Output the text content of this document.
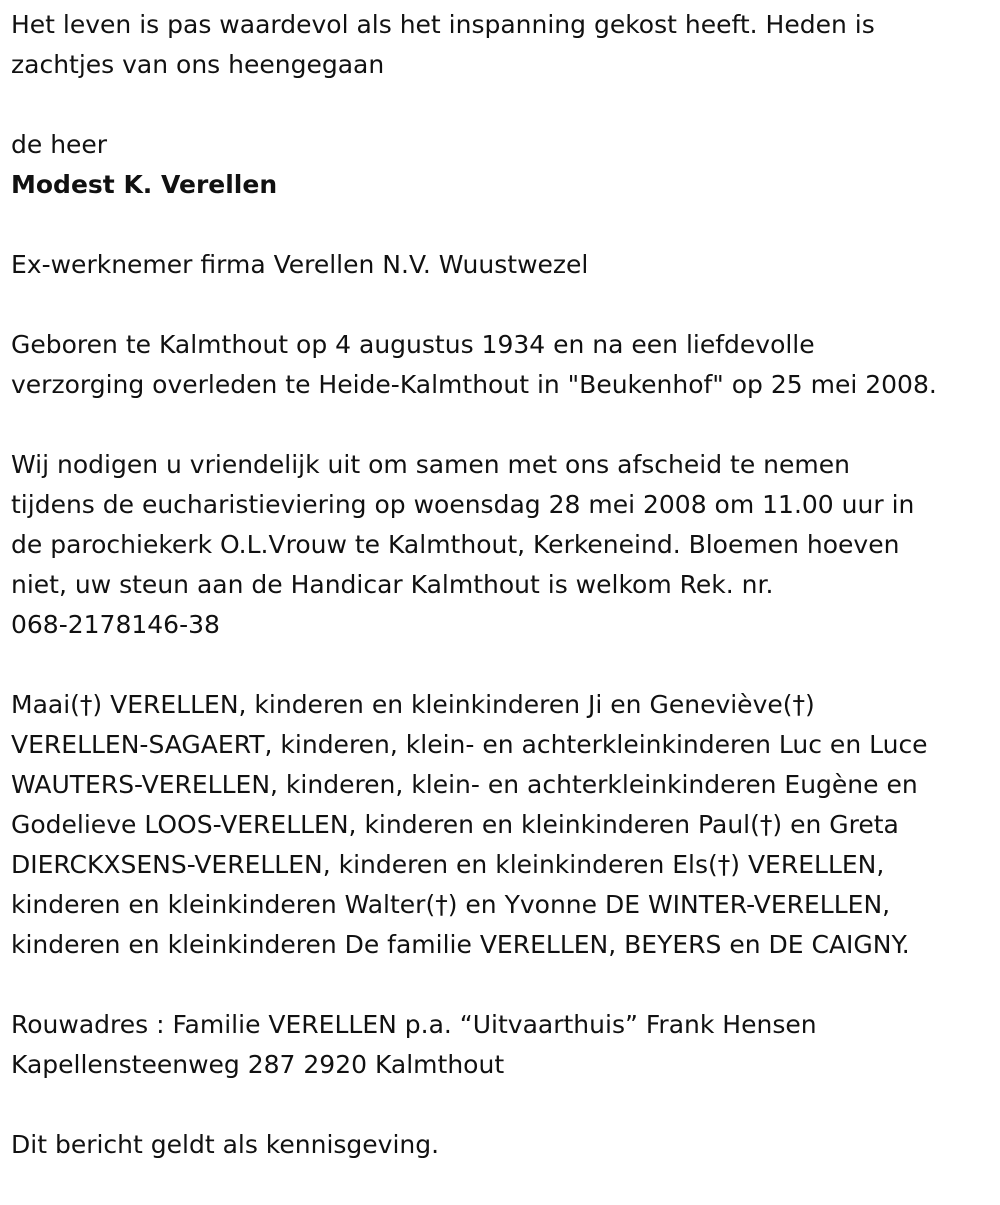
Het leven is pas waardevol als het inspanning gekost heeft. Heden is
zachtjes van ons heengegaan

de heer

Modest K. Verellen

Ex-werknemer firma Verellen N.V. Wuustwezel

Geboren te Kalmthout op 4 augustus 1934 en na een liefdevolle
verzorging overleden te Heide-Kalmthout in "Beukenhof" op 25 mei 2008.

Wij nodigen u vriendelijk uit om samen met ons afscheid te nemen
tijdens de eucharistieviering op woensdag 28 mei 2008 om 11.00 uur in
de parochiekerk O.L.Vrouw te Kalmthout, Kerkeneind. Bloemen hoeven
niet, uw steun aan de Handicar Kalmthout is welkom Rek. nr.
068-2178146-38

Maai(†) VERELLEN, kinderen en kleinkinderen Ji en Geneviève(†)
VERELLEN-SAGAERT, kinderen, klein- en achterkleinkinderen Luc en Luce
WAUTERS-VERELLEN, kinderen, klein- en achterkleinkinderen Eugène en
Godelieve LOOS-VERELLEN, kinderen en kleinkinderen Paul(†) en Greta
DIERCKXSENS-VERELLEN, kinderen en kleinkinderen Els(†) VERELLEN,
kinderen en kleinkinderen Walter(†) en Yvonne DE WINTER-VERELLEN,
kinderen en kleinkinderen De familie VERELLEN, BEYERS en DE CAIGNY.

Rouwadres : Familie VERELLEN p.a. “Uitvaarthuis” Frank Hensen
Kapellensteenweg 287 2920 Kalmthout

Dit bericht geldt als kennisgeving.
